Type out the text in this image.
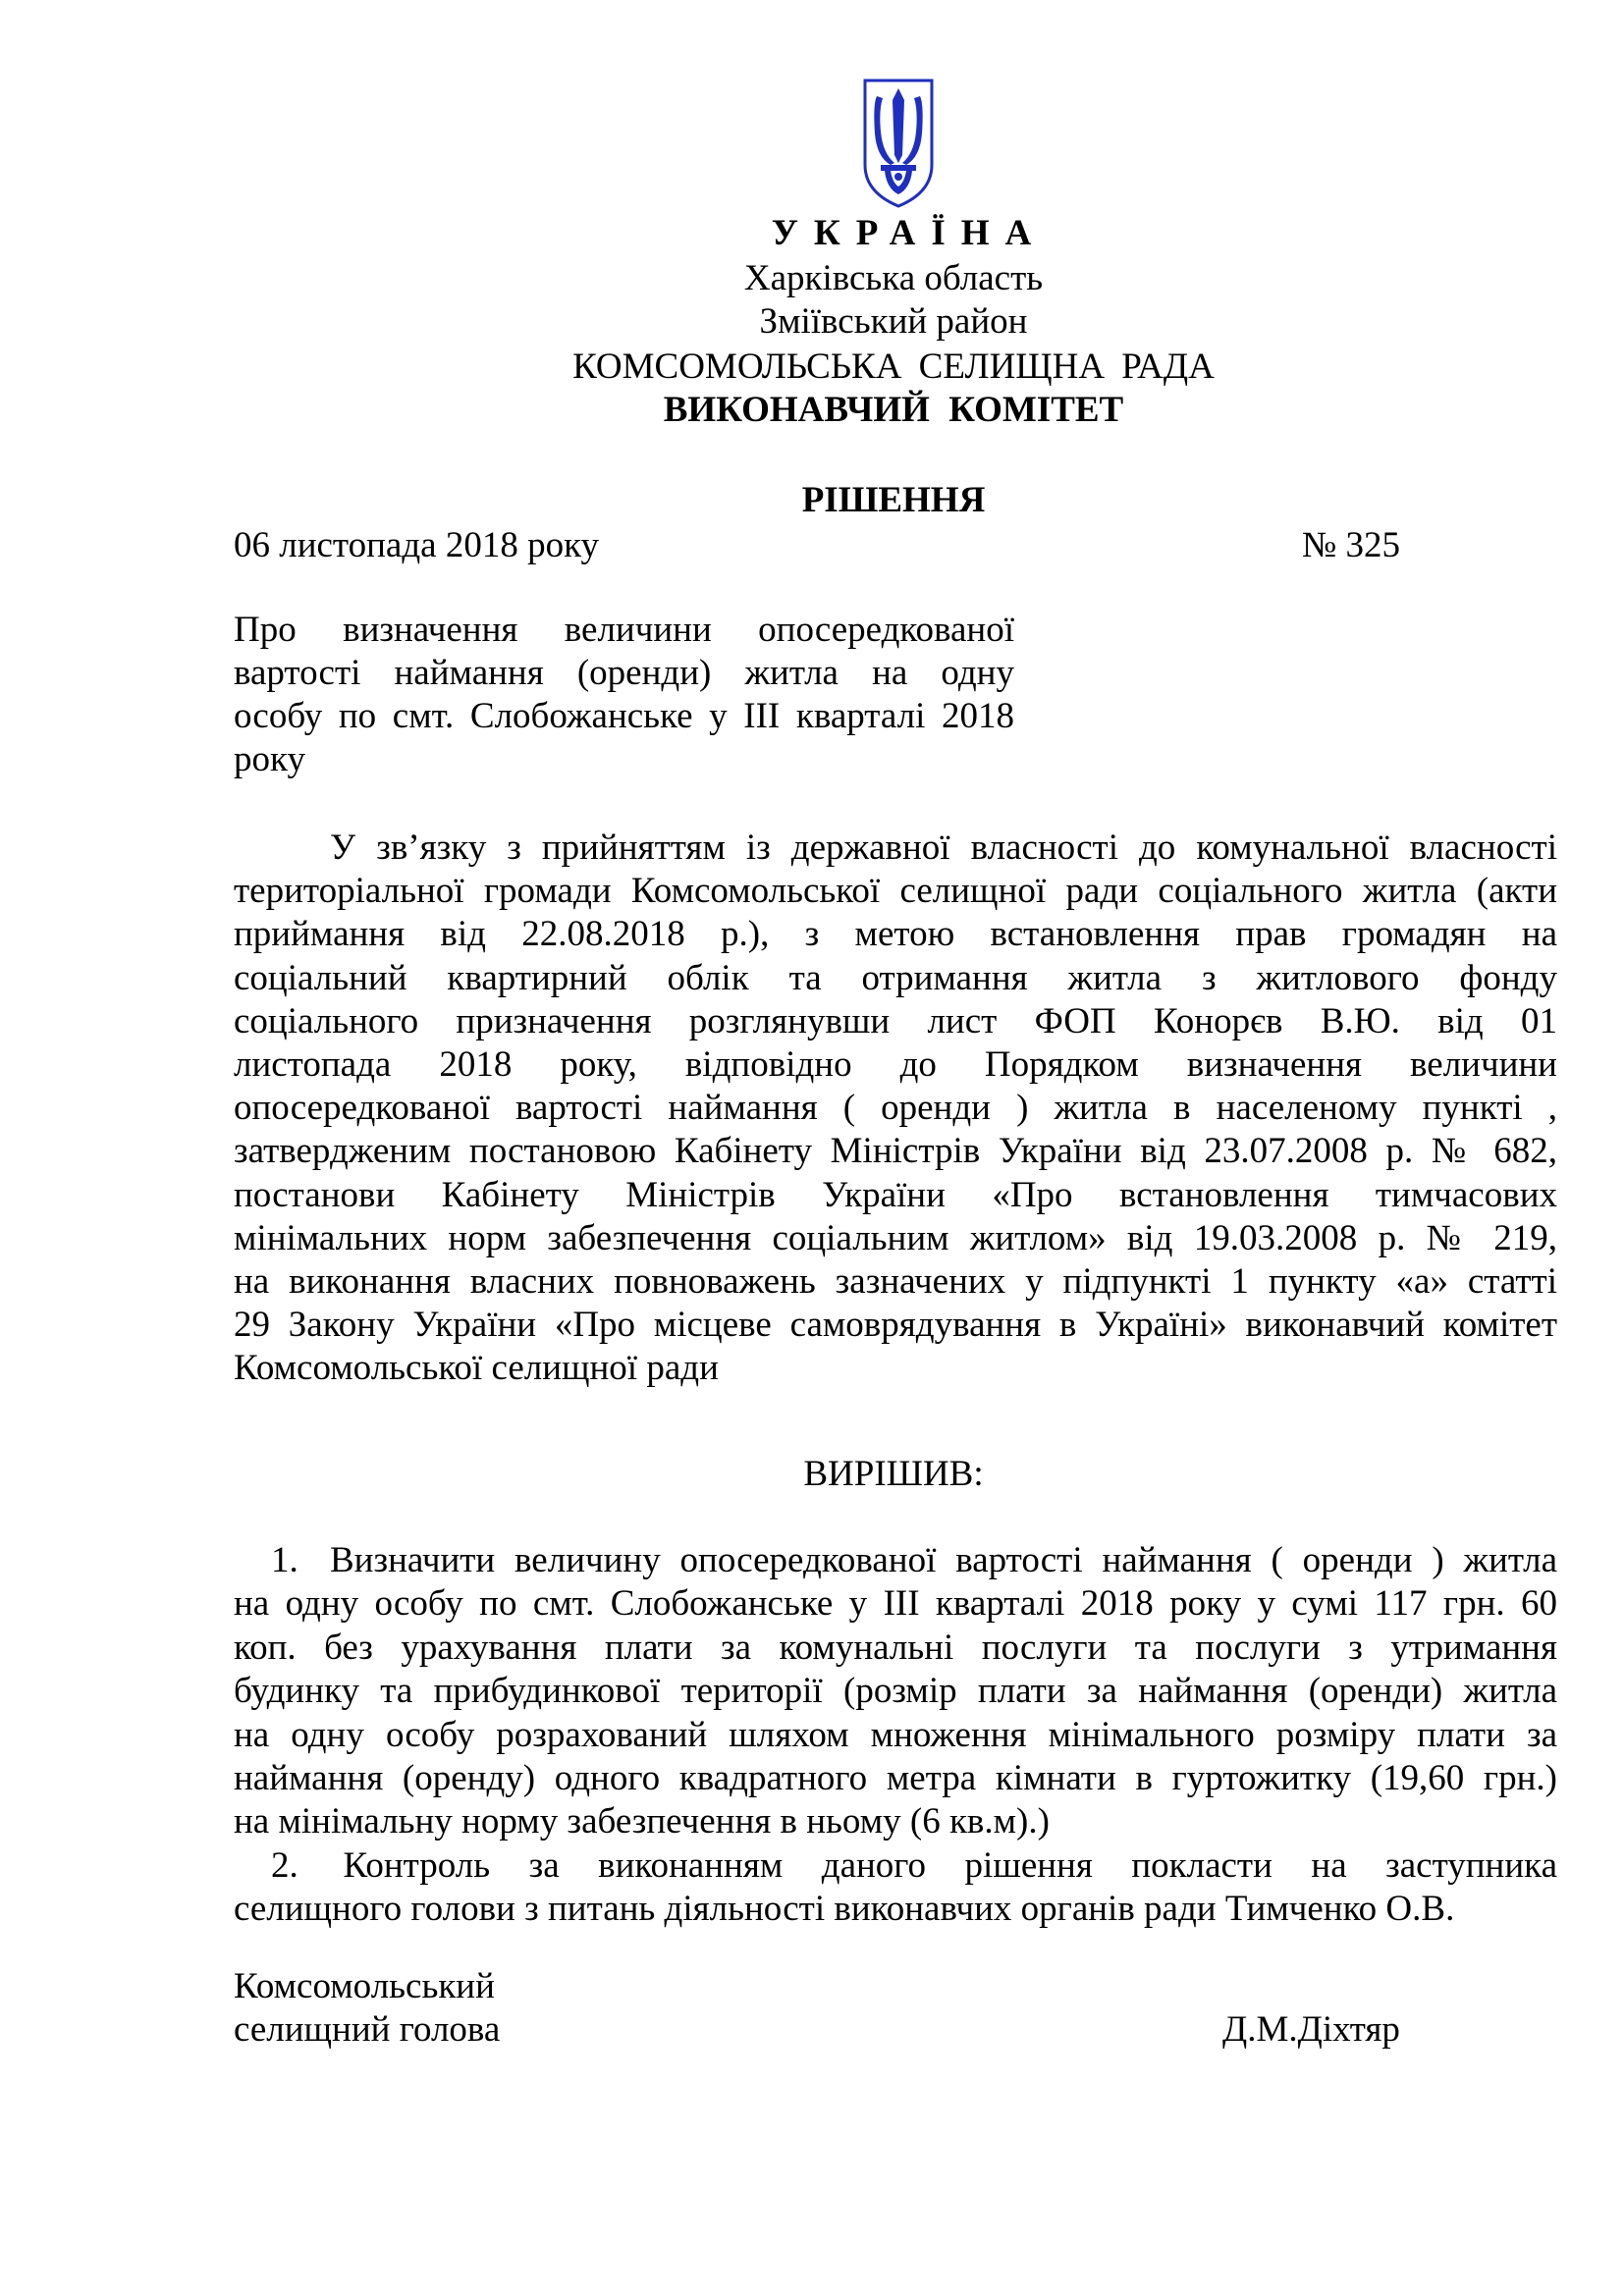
УКРАЇНА
Харківська область
Зміївський район
КОМСОМОЛЬСЬКА СЕЛИЩНА РАДА
ВИКОНАВЧИЙ КОМІТЕТ
РІШЕННЯ
06 листопада 2018 року	№ 325
Про визначення величини опосередкованої
вартості наймання (оренди) житла на одну
особу по смт. Слобожанське у ІІІ кварталі 2018
року
У зв’язку з прийняттям із державної власності до комунальної власності
територіальної громади Комсомольської селищної ради соціального житла (акти
приймання від 22.08.2018 р.), з метою встановлення прав громадян на
соціальний квартирний облік та отримання житла з житлового фонду
соціального призначення розглянувши лист ФОП Конорєв В.Ю. від 01
листопада 2018 року, відповідно до Порядком визначення величини
опосередкованої вартості наймання ( оренди ) житла в населеному пункті ,
затвердженим постановою Кабінету Міністрів України від 23.07.2008 р. № 682,
постанови Кабінету Міністрів України «Про встановлення тимчасових
мінімальних норм забезпечення соціальним житлом» від 19.03.2008 р. № 219,
на виконання власних повноважень зазначених у підпункті 1 пункту «а» статті
29 Закону України «Про місцеве самоврядування в Україні» виконавчий комітет
Комсомольської селищної ради
ВИРІШИВ:
1. Визначити величину опосередкованої вартості наймання ( оренди ) житла
на одну особу по смт. Слобожанське у ІІІ кварталі 2018 року у сумі 117 грн. 60
коп. без урахування плати за комунальні послуги та послуги з утримання
будинку та прибудинкової території (розмір плати за наймання (оренди) житла
на одну особу розрахований шляхом множення мінімального розміру плати за
наймання (оренду) одного квадратного метра кімнати в гуртожитку (19,60 грн.)
на мінімальну норму забезпечення в ньому (6 кв.м).)
2. Контроль за виконанням даного рішення покласти на заступника
селищного голови з питань діяльності виконавчих органів ради Тимченко О.В.
Комсомольський
селищний голова	Д.М.Діхтяр
